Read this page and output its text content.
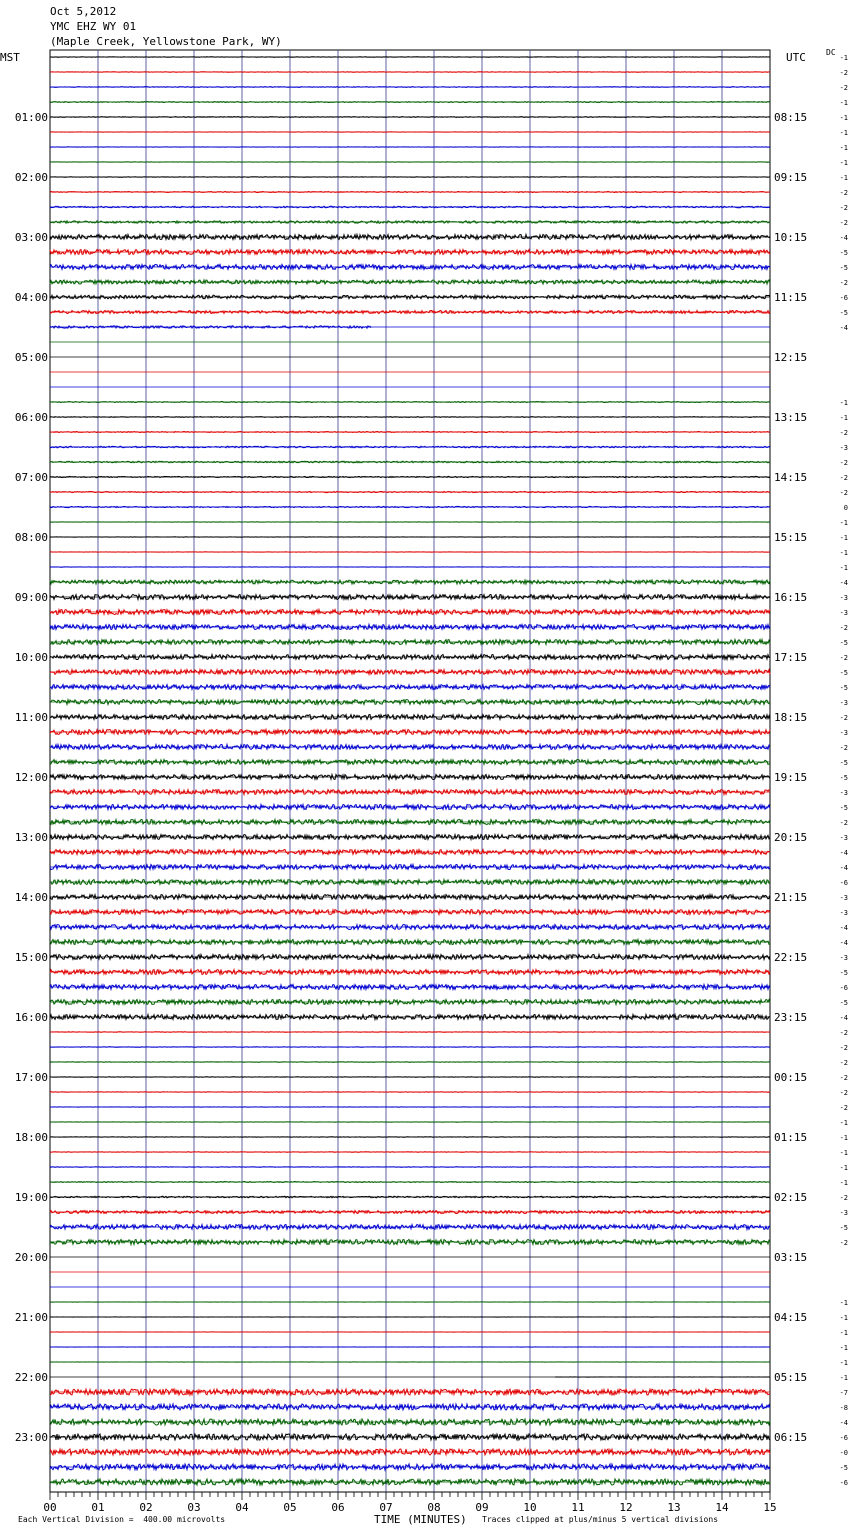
Oct 5,2012
YMC EHZ WY 01
(Maple Creek, Yellowstone Park, WY)
MST	UTC	DC
-1
-2
-2
-1
-1
-1
-1
-1
-1
-2
-2
-2
-4
-5
-5
-2
-6
-5
-4
-1
-1
-2
-3
-2
-2
-2
0
-1
-1
-1
-1
-4
-3
-3
-2
-5
-2
-5
-5
-3
-2
-3
-2
-5
-5
-3
-5
-2
-3
-4
-4
-6
-3
-3
-4
-4
-3
-5
-6
-5
-4
-2
-2
-2
-2
-2
-2
-1
-1
-1
-1
-1
-2
-3
-5
-2
-1
-1
-1
-1
-1
-1
-7
-8
-4
-6
-0
-5
-6
01:00
02:00
03:00
04:00
05:00
06:00
07:00
08:00
09:00
10:00
11:00
12:00
13:00
14:00
15:00
16:00
17:00
18:00
19:00
20:00
21:00
22:00
23:00
08:15
09:15
10:15
11:15
12:15
13:15
14:15
15:15
16:15
17:15
18:15
19:15
20:15
21:15
22:15
23:15
00:15
01:15
02:15
03:15
04:15
05:15
06:15
00	01	02	03	04	05	06	07	08	09	10	11	12	13	14	15
Each Vertical Division =  400.00 microvolts	TIME (MINUTES) Traces clipped at plus/minus 5 vertical divisions
